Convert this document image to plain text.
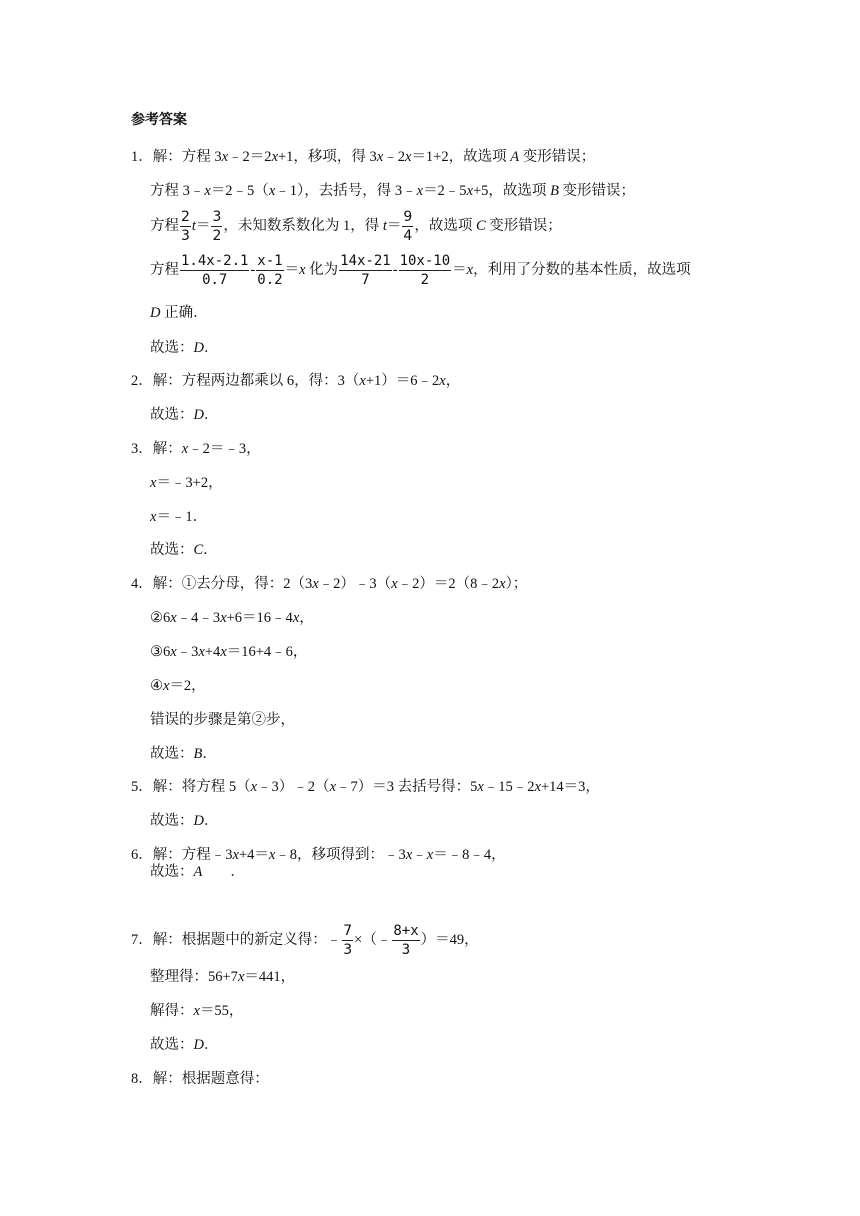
参考答案
1．解：方程 3x﹣2＝2x+1，移项，得 3x﹣2x＝1+2，故选项 A 变形错误；
方程 3﹣x＝2﹣5（x﹣1），去括号，得 3﹣x＝2﹣5x+5，故选项 B 变形错误；
方程 $\frac{2}{3} t= \frac{3}{2}$ ，未知数系数化为 1，得 $t= \frac{9}{4}$ ，故选项 C 变形错误；
方程 $\frac{1.4x-2.1}{0.7} - \frac{x-1}{0.2} =x$ 化为 $\frac{14x-21}{7} - \frac{10x-10}{2} =x$，利用了分数的基本性质，故选项
D 正确．
故选：D．
2．解：方程两边都乘以 6，得：3（x+1）＝6﹣2x，
故选：D．
3．解：x﹣2＝﹣3，
x＝﹣3+2，
x＝﹣1．
故选：C．
4．解：①去分母，得：2（3x﹣2）﹣3（x﹣2）＝2（8﹣2x）；
②6x﹣4﹣3x+6＝16﹣4x，
③6x﹣3x+4x＝16+4﹣6，
④x＝2，
错误的步骤是第②步，
故选：B．
5．解：将方程 5（x﹣3）﹣2（x﹣7）＝3 去括号得：5x﹣15﹣2x+14＝3，
故选：D．
6．解：方程﹣3x+4＝x﹣8，移项得到：﹣3x﹣x＝﹣8﹣4，
故选：A ．
7．解：根据题中的新定义得：﹣ $\frac{7}{3}$ ×（﹣ $\frac{8+x}{3} )=49$，
整理得：56+7x＝441，
解得：x＝55，
故选：D．
8．解：根据题意得：
